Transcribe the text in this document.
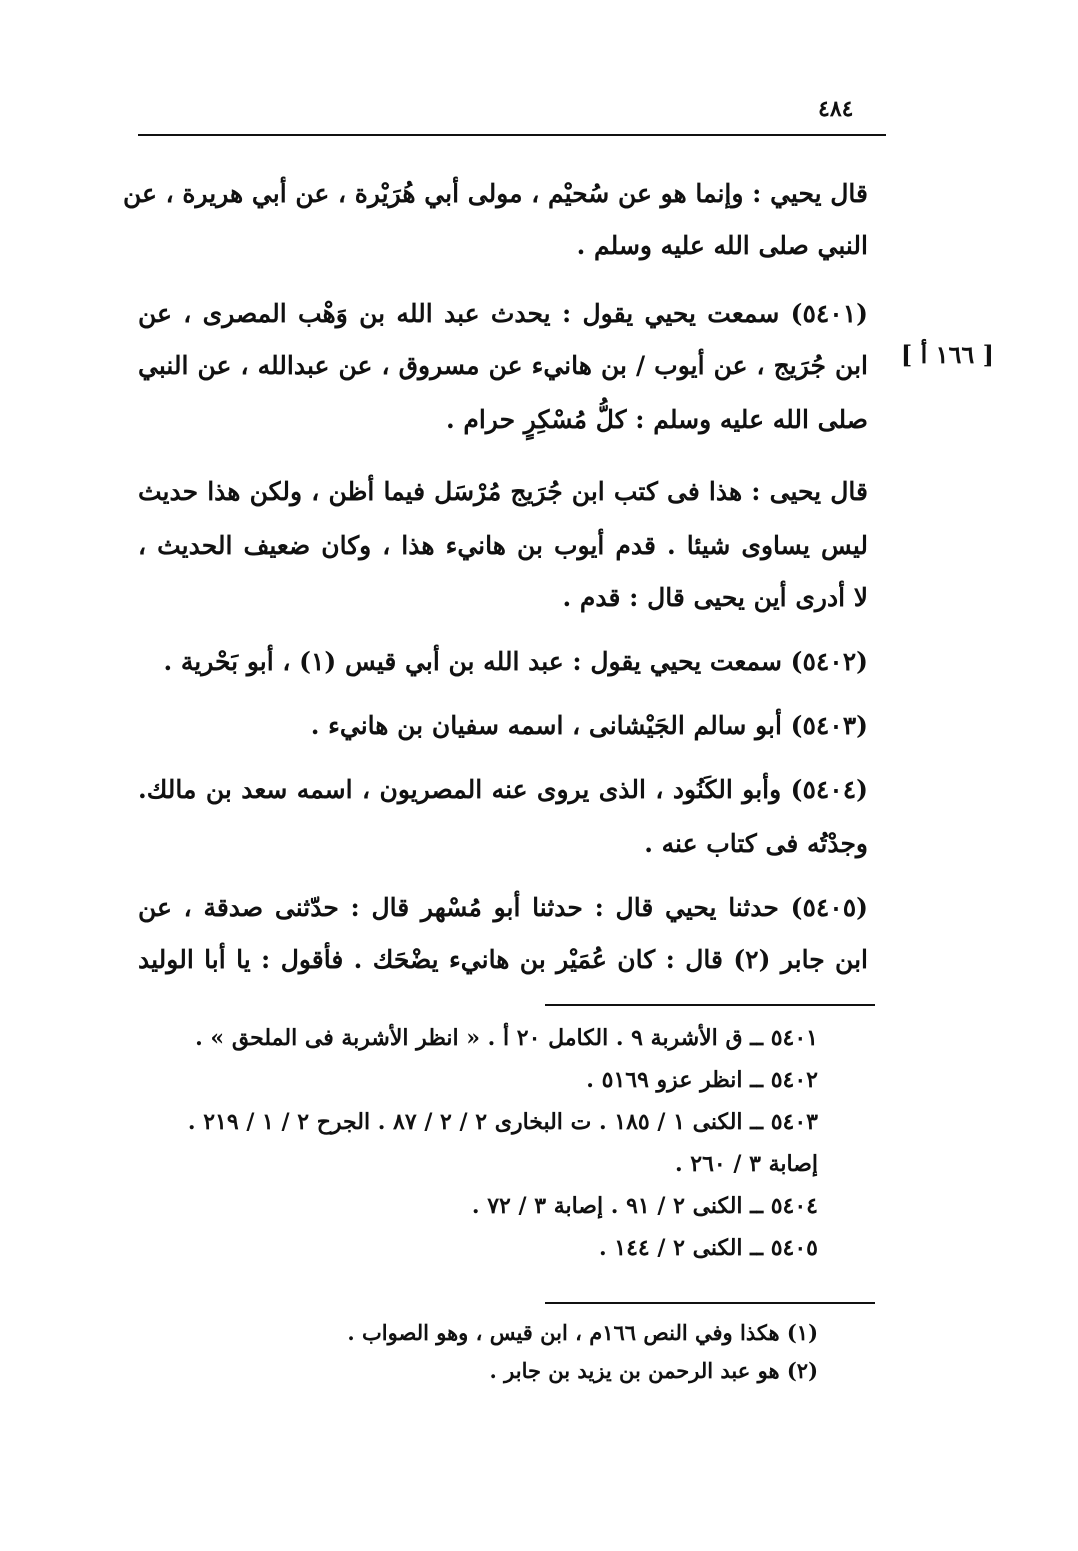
٤٨٤
[ ١٦٦ أ ]
قال يحيي : وإنما هو عن سُحيْم ، مولى أبي هُرَيْرة ، عن أبي هريرة ، عن
النبي صلى الله عليه وسلم .
(٥٤٠١) سمعت يحيي يقول : يحدث عبد الله بن وَهْب المصرى ، عن
ابن جُرَيج ، عن أيوب / بن هانيء عن مسروق ، عن عبدالله ، عن النبي
صلى الله عليه وسلم : كلُّ مُسْكِرٍ حرام .
قال يحيى : هذا فى كتب ابن جُرَيج مُرْسَل فيما أظن ، ولكن هذا حديث
ليس يساوى شيئا . قدم أيوب بن هانيء هذا ، وكان ضعيف الحديث ،
لا أدرى أين يحيى قال : قدم .
(٥٤٠٢) سمعت يحيي يقول : عبد الله بن أبي قيس (١) ، أبو بَحْرية .
(٥٤٠٣) أبو سالم الجَيْشانى ، اسمه سفيان بن هانيء .
(٥٤٠٤) وأبو الكَنُود ، الذى يروى عنه المصريون ، اسمه سعد بن مالك.
وجدْتُه فى كتاب عنه .
(٥٤٠٥) حدثنا يحيي قال : حدثنا أبو مُسْهر قال : حدّثنى صدقة ، عن
ابن جابر (٢) قال : كان عُمَيْر بن هانيء يضْحَك . فأقول : يا أبا الوليد
٥٤٠١ ــ ق الأشربة ٩ . الكامل ٢٠ أ . « انظر الأشربة فى الملحق » .
٥٤٠٢ ــ انظر عزو ٥١٦٩ .
٥٤٠٣ ــ الكنى ١ / ١٨٥ . ت البخارى ٢ / ٢ / ٨٧ . الجرح ٢ / ١ / ٢١٩ .
إصابة ٣ / ٢٦٠ .
٥٤٠٤ ــ الكنى ٢ / ٩١ . إصابة ٣ / ٧٢ .
٥٤٠٥ ــ الكنى ٢ / ١٤٤ .
(١) هكذا وفي النص ١٦٦م ، ابن قيس ، وهو الصواب .
(٢) هو عبد الرحمن بن يزيد بن جابر .
